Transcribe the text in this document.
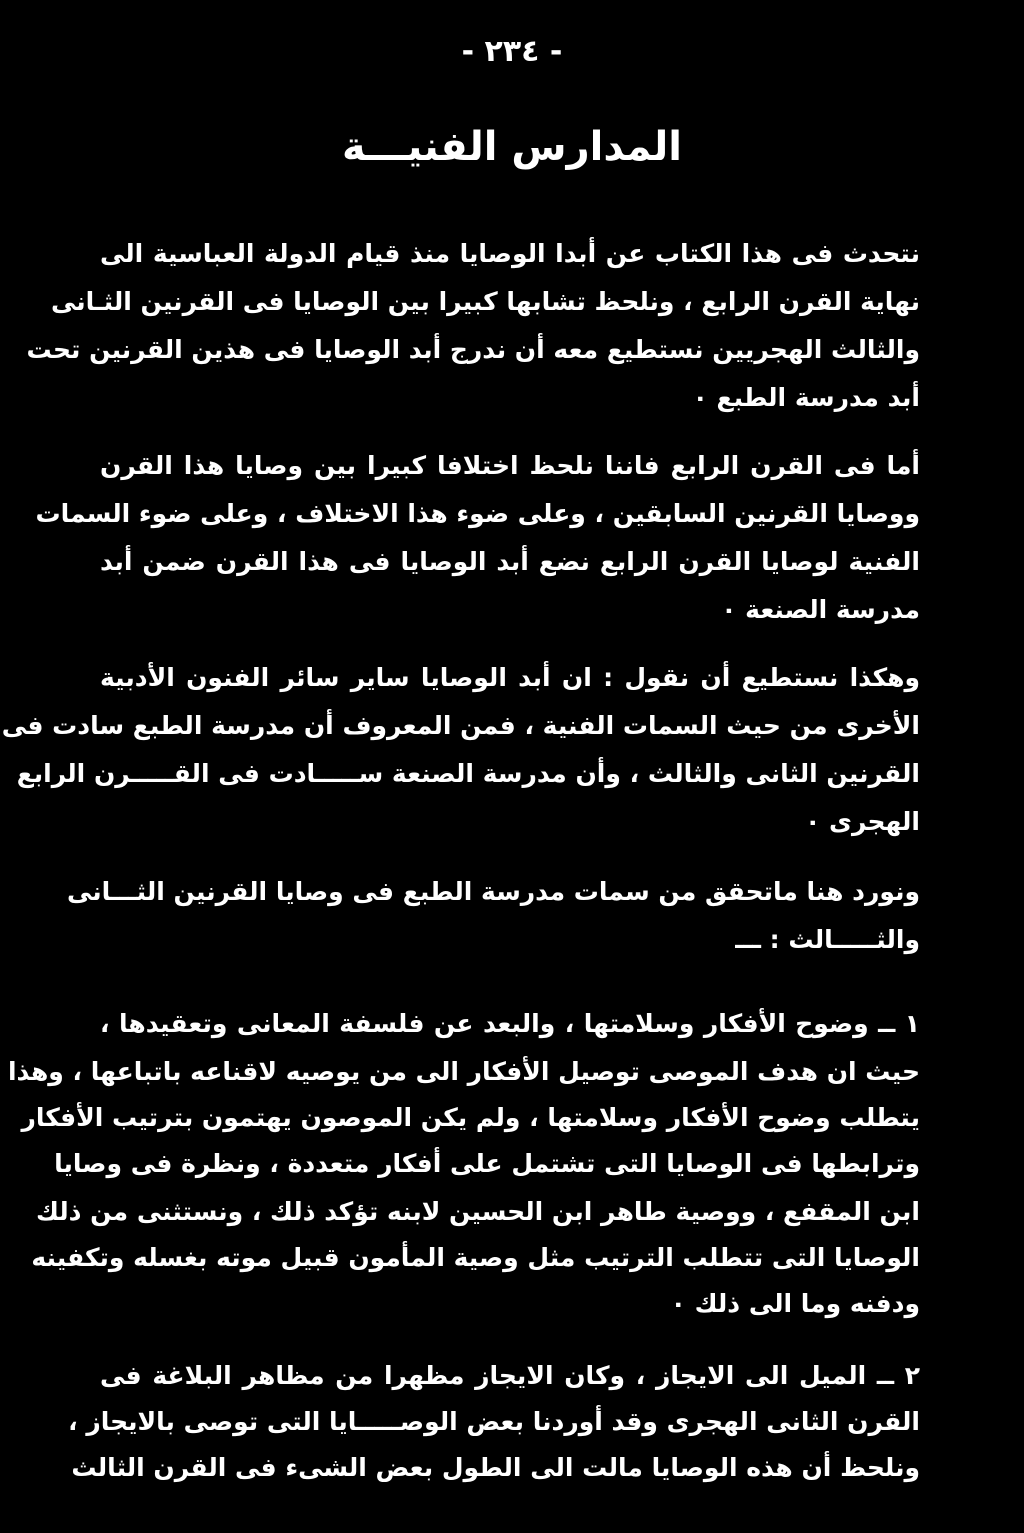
- ٢٣٤ -
المدارس الفنيـــة
نتحدث فى هذا الكتاب عن أبدا الوصايا منذ قيام الدولة العباسية الى
نهاية القرن الرابع ، ونلحظ تشابها كبيرا بين الوصايا فى القرنين الثـانى
والثالث الهجريين نستطيع معه أن ندرج أبد الوصايا فى هذين القرنين تحت
أبد مدرسة الطبع ٠
أما فى القرن الرابع فاننا نلحظ اختلافا كبيرا بين وصايا هذا القرن
ووصايا القرنين السابقين ، وعلى ضوء هذا الاختلاف ، وعلى ضوء السمات
الفنية لوصايا القرن الرابع نضع أبد الوصايا فى هذا القرن ضمن أبد
مدرسة الصنعة ٠
وهكذا نستطيع أن نقول : ان أبد الوصايا ساير سائر الفنون الأدبية
الأخرى من حيث السمات الفنية ، فمن المعروف أن مدرسة الطبع سادت فى
القرنين الثانى والثالث ، وأن مدرسة الصنعة ســـــادت فى القـــــرن الرابع
الهجرى ٠
ونورد هنا ماتحقق من سمات مدرسة الطبع فى وصايا القرنين الثـــانى
والثـــــالث : ـــ
١ ــ وضوح الأفكار وسلامتها ، والبعد عن فلسفة المعانى وتعقيدها ،
حيث ان هدف الموصى توصيل الأفكار الى من يوصيه لاقناعه باتباعها ، وهذا
يتطلب وضوح الأفكار وسلامتها ، ولم يكن الموصون يهتمون بترتيب الأفكار
وترابطها فى الوصايا التى تشتمل على أفكار متعددة ، ونظرة فى وصايا
ابن المقفع ، ووصية طاهر ابن الحسين لابنه تؤكد ذلك ، ونستثنى من ذلك
الوصايا التى تتطلب الترتيب مثل وصية المأمون قبيل موته بغسله وتكفينه
ودفنه وما الى ذلك ٠
٢ ــ الميل الى الايجاز ، وكان الايجاز مظهرا من مظاهر البلاغة فى
القرن الثانى الهجرى وقد أوردنا بعض الوصـــــايا التى توصى بالايجاز ،
ونلحظ أن هذه الوصايا مالت الى الطول بعض الشىء فى القرن الثالث
